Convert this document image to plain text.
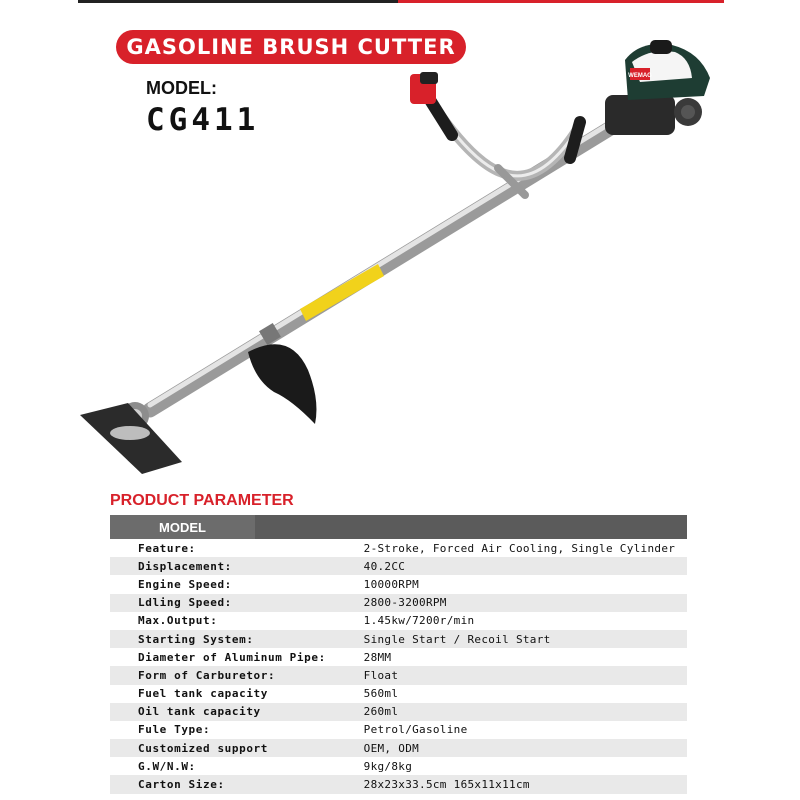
GASOLINE BRUSH CUTTER
MODEL:
CG411
WEMAG
PRODUCT PARAMETER
MODEL
Feature:	2-Stroke, Forced Air Cooling, Single Cylinder
Displacement:	40.2CC
Engine Speed:	10000RPM
Ldling Speed:	2800-3200RPM
Max.Output:	1.45kw/7200r/min
Starting System:	Single Start / Recoil Start
Diameter of Aluminum Pipe:	28MM
Form of Carburetor:	Float
Fuel tank capacity	560ml
Oil tank capacity	260ml
Fule Type:	Petrol/Gasoline
Customized support	OEM, ODM
G.W/N.W:	9kg/8kg
Carton Size:	28x23x33.5cm 165x11x11cm
